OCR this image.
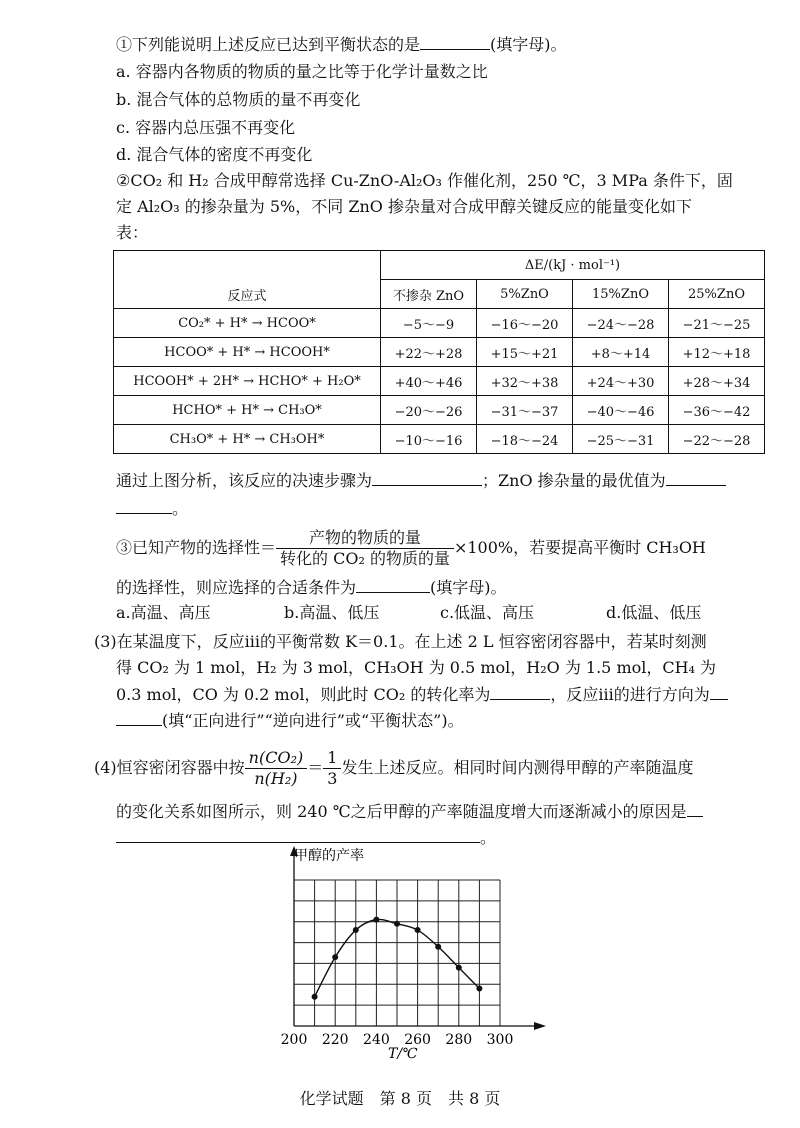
①下列能说明上述反应已达到平衡状态的是	(填字母)。
a. 容器内各物质的物质的量之比等于化学计量数之比
b. 混合气体的总物质的量不再变化
c. 容器内总压强不再变化
d. 混合气体的密度不再变化
②CO₂ 和 H₂ 合成甲醇常选择 Cu-ZnO-Al₂O₃ 作催化剂，250 ℃，3 MPa 条件下，固
定 Al₂O₃ 的掺杂量为 5%，不同 ZnO 掺杂量对合成甲醇关键反应的能量变化如下
表：
反应式	ΔE/(kJ · mol⁻¹)			
	不掺杂 ZnO	5%ZnO	15%ZnO	25%ZnO
CO₂* + H* → HCOO*	−5～−9	−16～−20	−24～−28	−21～−25
HCOO* + H* → HCOOH*	+22～+28	+15～+21	+8～+14	+12～+18
HCOOH* + 2H* → HCHO* + H₂O*	+40～+46	+32～+38	+24～+30	+28～+34
HCHO* + H* → CH₃O*	−20～−26	−31～−37	−40～−46	−36～−42
CH₃O* + H* → CH₃OH*	−10～−16	−18～−24	−25～−31	−22～−28
通过上图分析，该反应的决速步骤为	；ZnO 掺杂量的最优值为
。
③已知产物的选择性＝ $\frac{\text{产物的物质的量}}{\text{转化的 CO₂ 的物质的量}} \times 100\%$，若要提高平衡时 CH₃OH
的选择性，则应选择的合适条件为	(填字母)。
a.高温、高压	b.高温、低压	c.低温、高压	d.低温、低压
(3)在某温度下，反应ⅲ的平衡常数 K＝0.1。在上述 2 L 恒容密闭容器中，若某时刻测
得 CO₂ 为 1 mol，H₂ 为 3 mol，CH₃OH 为 0.5 mol，H₂O 为 1.5 mol，CH₄ 为
0.3 mol，CO 为 0.2 mol，则此时 CO₂ 的转化率为	，反应ⅲ的进行方向为
(填“正向进行”“逆向进行”或“平衡状态”)。
(4)恒容密闭容器中按 $\frac{\text{n(CO₂)}}{\text{n(H₂)}} = \frac{1}{3}$ 发生上述反应。相同时间内测得甲醇的产率随温度
的变化关系如图所示，则 240 ℃之后甲醇的产率随温度增大而逐渐减小的原因是
。
200 220 240 260 280 300
甲醇的产率
T/℃
化学试题　第 8 页　共 8 页
